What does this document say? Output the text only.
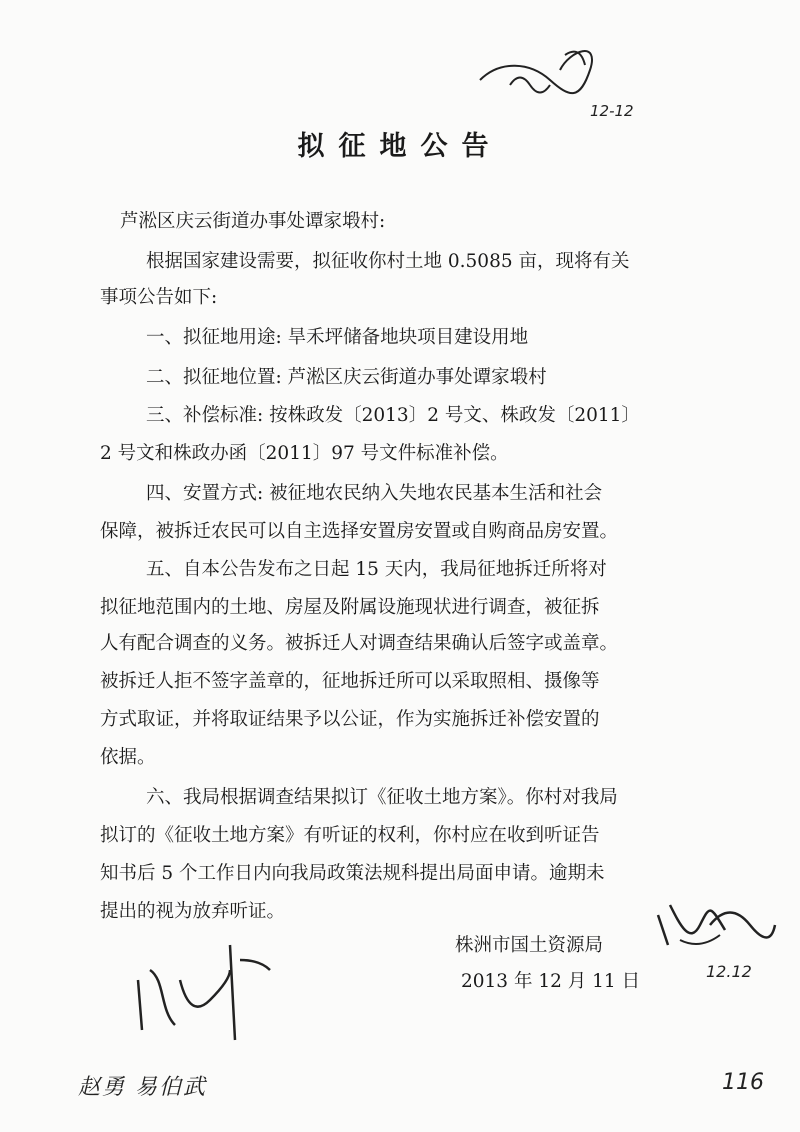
拟征地公告
芦淞区庆云街道办事处谭家塅村:
根据国家建设需要，拟征收你村土地 0.5085 亩，现将有关
事项公告如下:
一、拟征地用途: 旱禾坪储备地块项目建设用地
二、拟征地位置: 芦淞区庆云街道办事处谭家塅村
三、补偿标准: 按株政发〔2013〕2 号文、株政发〔2011〕
2 号文和株政办函〔2011〕97 号文件标准补偿。
四、安置方式: 被征地农民纳入失地农民基本生活和社会
保障，被拆迁农民可以自主选择安置房安置或自购商品房安置。
五、自本公告发布之日起 15 天内，我局征地拆迁所将对
拟征地范围内的土地、房屋及附属设施现状进行调查，被征拆
人有配合调查的义务。被拆迁人对调查结果确认后签字或盖章。
被拆迁人拒不签字盖章的，征地拆迁所可以采取照相、摄像等
方式取证，并将取证结果予以公证，作为实施拆迁补偿安置的
依据。
六、我局根据调查结果拟订《征收土地方案》。你村对我局
拟订的《征收土地方案》有听证的权利，你村应在收到听证告
知书后 5 个工作日内向我局政策法规科提出局面申请。逾期未
提出的视为放弃听证。
株洲市国土资源局
2013 年 12 月 11 日
12-12
12.12
赵勇 易伯武	116
